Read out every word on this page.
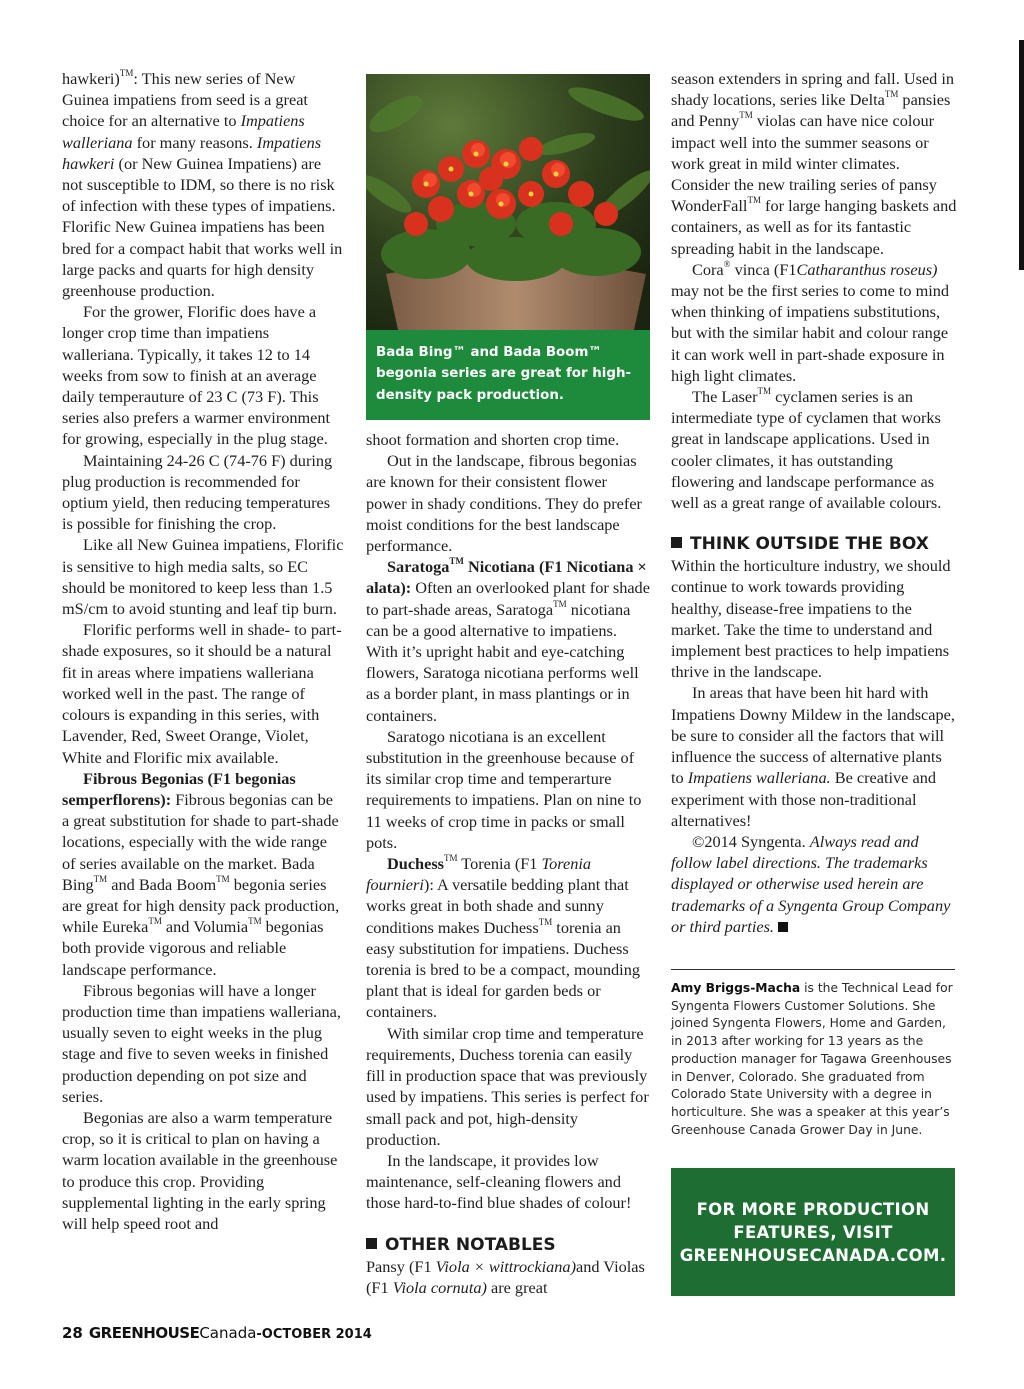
hawkeri)™: This new series of New Guinea impatiens from seed is a great choice for an alternative to Impatiens walleriana for many reasons. Impatiens hawkeri (or New Guinea Impatiens) are not susceptible to IDM, so there is no risk of infection with these types of impatiens. Florific New Guinea impatiens has been bred for a compact habit that works well in large packs and quarts for high density greenhouse production.

For the grower, Florific does have a longer crop time than impatiens walleriana. Typically, it takes 12 to 14 weeks from sow to finish at an average daily temperauture of 23 C (73 F). This series also prefers a warmer environment for growing, especially in the plug stage.

Maintaining 24-26 C (74-76 F) during plug production is recommended for optium yield, then reducing temperatures is possible for finishing the crop.

Like all New Guinea impatiens, Florific is sensitive to high media salts, so EC should be monitored to keep less than 1.5 mS/cm to avoid stunting and leaf tip burn.

Florific performs well in shade- to part-shade exposures, so it should be a natural fit in areas where impatiens walleriana worked well in the past. The range of colours is expanding in this series, with Lavender, Red, Sweet Orange, Violet, White and Florific mix available.

Fibrous Begonias (F1 begonias semperflorens): Fibrous begonias can be a great substitution for shade to part-shade locations, especially with the wide range of series available on the market. Bada Bing™ and Bada Boom™ begonia series are great for high density pack production, while Eureka™ and Volumia™ begonias both provide vigorous and reliable landscape performance.

Fibrous begonias will have a longer production time than impatiens walleriana, usually seven to eight weeks in the plug stage and five to seven weeks in finished production depending on pot size and series.

Begonias are also a warm temperature crop, so it is critical to plan on having a warm location available in the greenhouse to produce this crop. Providing supplemental lighting in the early spring will help speed root and

Bada Bing™ and Bada Boom™ begonia series are great for high-density pack production.

shoot formation and shorten crop time.

Out in the landscape, fibrous begonias are known for their consistent flower power in shady conditions. They do prefer moist conditions for the best landscape performance.

Saratoga™ Nicotiana (F1 Nicotiana × alata): Often an overlooked plant for shade to part-shade areas, Saratoga™ nicotiana can be a good alternative to impatiens. With it’s upright habit and eye-catching flowers, Saratoga nicotiana performs well as a border plant, in mass plantings or in containers.

Saratogo nicotiana is an excellent substitution in the greenhouse because of its similar crop time and temperarture requirements to impatiens. Plan on nine to 11 weeks of crop time in packs or small pots.

Duchess™ Torenia (F1 Torenia fournieri): A versatile bedding plant that works great in both shade and sunny conditions makes Duchess™ torenia an easy substitution for impatiens. Duchess torenia is bred to be a compact, mounding plant that is ideal for garden beds or containers.

With similar crop time and temperature requirements, Duchess torenia can easily fill in production space that was previously used by impatiens. This series is perfect for small pack and pot, high-density production.

In the landscape, it provides low maintenance, self-cleaning flowers and those hard-to-find blue shades of colour!

OTHER NOTABLES

Pansy (F1 Viola × wittrockiana)and Violas (F1 Viola cornuta) are great

season extenders in spring and fall. Used in shady locations, series like Delta™ pansies and Penny™ violas can have nice colour impact well into the summer seasons or work great in mild winter climates. Consider the new trailing series of pansy WonderFall™ for large hanging baskets and containers, as well as for its fantastic spreading habit in the landscape.

Cora® vinca (F1Catharanthus roseus) may not be the first series to come to mind when thinking of impatiens substitutions, but with the similar habit and colour range it can work well in part-shade exposure in high light climates.

The Laser™ cyclamen series is an intermediate type of cyclamen that works great in landscape applications. Used in cooler climates, it has outstanding flowering and landscape performance as well as a great range of available colours.

THINK OUTSIDE THE BOX

Within the horticulture industry, we should continue to work towards providing healthy, disease-free impatiens to the market. Take the time to understand and implement best practices to help impatiens thrive in the landscape.

In areas that have been hit hard with Impatiens Downy Mildew in the landscape, be sure to consider all the factors that will influence the success of alternative plants to Impatiens walleriana. Be creative and experiment with those non-traditional alternatives!

©2014 Syngenta. Always read and follow label directions. The trademarks displayed or otherwise used herein are trademarks of a Syngenta Group Company or third parties.

Amy Briggs-Macha is the Technical Lead for Syngenta Flowers Customer Solutions. She joined Syngenta Flowers, Home and Garden, in 2013 after working for 13 years as the production manager for Tagawa Greenhouses in Denver, Colorado. She graduated from Colorado State University with a degree in horticulture. She was a speaker at this year’s Greenhouse Canada Grower Day in June.
FOR MORE PRODUCTION
FEATURES, VISIT
GREENHOUSECANADA.COM.
28 GREENHOUSECanada-OCTOBER 2014
